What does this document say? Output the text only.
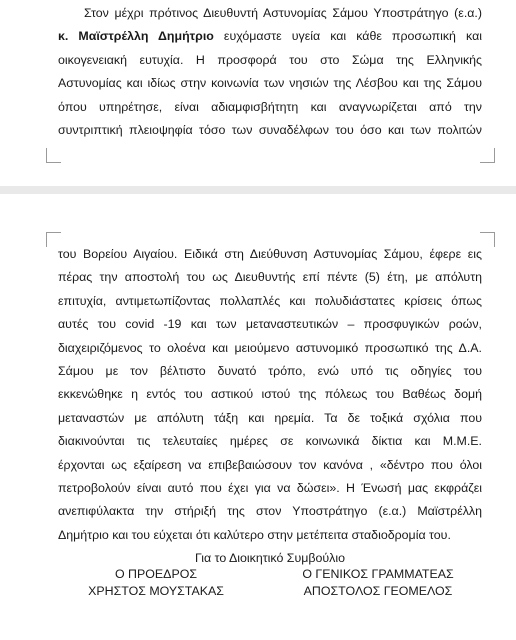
Στον μέχρι πρότινος Διευθυντή Αστυνομίας Σάμου Υποστράτηγο (ε.α.)
κ. Μαϊστρέλλη Δημήτριο ευχόμαστε υγεία και κάθε προσωπική και
οικογενειακή ευτυχία. Η προσφορά του στο Σώμα της Ελληνικής
Αστυνομίας και ιδίως στην κοινωνία των νησιών της Λέσβου και της Σάμου
όπου υπηρέτησε, είναι αδιαμφισβήτητη και αναγνωρίζεται από την
συντριπτική πλειοψηφία τόσο των συναδέλφων του όσο και των πολιτών
του Βορείου Αιγαίου. Ειδικά στη Διεύθυνση Αστυνομίας Σάμου, έφερε εις
πέρας την αποστολή του ως Διευθυντής επί πέντε (5) έτη, με απόλυτη
επιτυχία, αντιμετωπίζοντας πολλαπλές και πολυδιάστατες κρίσεις όπως
αυτές του covid -19 και των μεταναστευτικών – προσφυγικών ροών,
διαχειριζόμενος το ολοένα και μειούμενο αστυνομικό προσωπικό της Δ.Α.
Σάμου με τον βέλτιστο δυνατό τρόπο, ενώ υπό τις οδηγίες του
εκκενώθηκε η εντός του αστικού ιστού της πόλεως του Βαθέως δομή
μεταναστών με απόλυτη τάξη και ηρεμία. Τα δε τοξικά σχόλια που
διακινούνται τις τελευταίες ημέρες σε κοινωνικά δίκτια και Μ.Μ.Ε.
έρχονται ως εξαίρεση να επιβεβαιώσουν τον κανόνα , «δέντρο που όλοι
πετροβολούν είναι αυτό που έχει για να δώσει». Η Ένωσή μας εκφράζει
ανεπιφύλακτα την στήριξή της στον Υποστράτηγο (ε.α.) Μαϊστρέλλη
Δημήτριο και του εύχεται ότι καλύτερο στην μετέπειτα σταδιοδρομία του.
Για το Διοικητικό Συμβούλιο
Ο ΠΡΟΕΔΡΟΣ
ΧΡΗΣΤΟΣ ΜΟΥΣΤΑΚΑΣ
Ο ΓΕΝΙΚΟΣ ΓΡΑΜΜΑΤΕΑΣ
ΑΠΟΣΤΟΛΟΣ ΓΕΟΜΕΛΟΣ
